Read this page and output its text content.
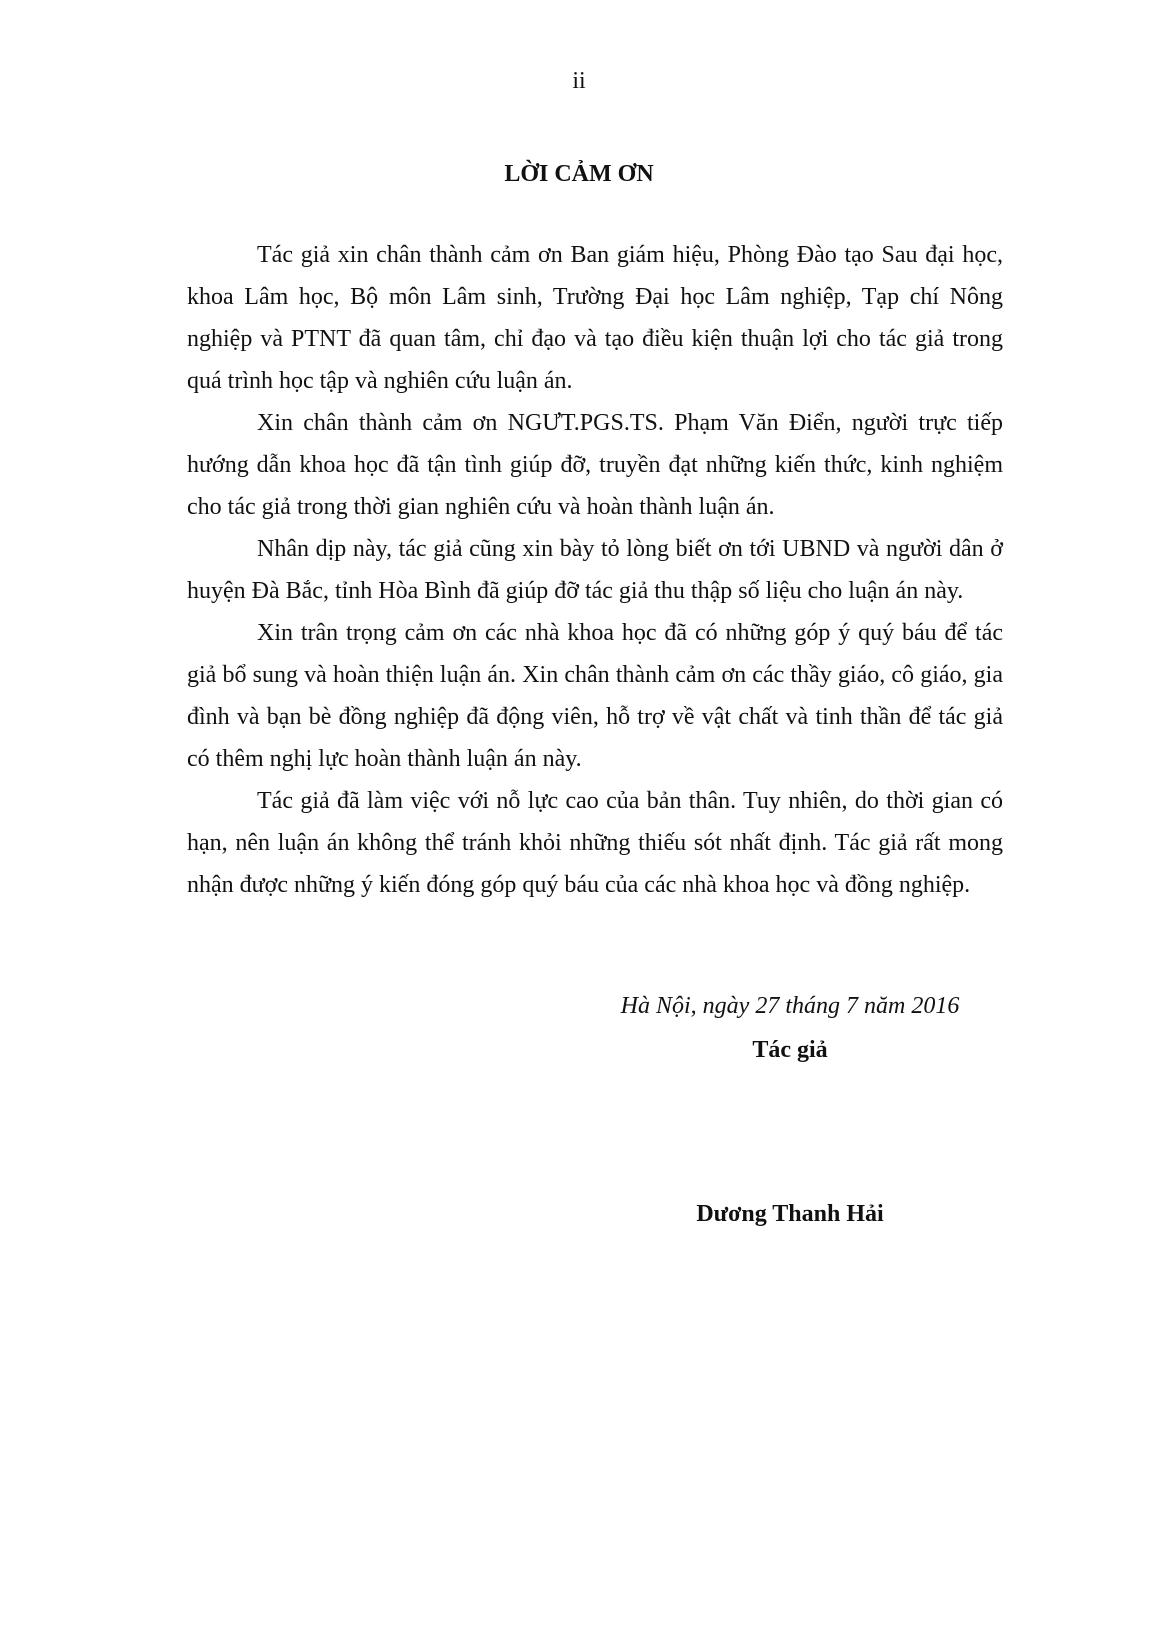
ii
LỜI CẢM ƠN

Tác giả xin chân thành cảm ơn Ban giám hiệu, Phòng Đào tạo Sau đại học, khoa Lâm học, Bộ môn Lâm sinh, Trường Đại học Lâm nghiệp, Tạp chí Nông nghiệp và PTNT đã quan tâm, chỉ đạo và tạo điều kiện thuận lợi cho tác giả trong quá trình học tập và nghiên cứu luận án.

Xin chân thành cảm ơn NGƯT.PGS.TS. Phạm Văn Điển, người trực tiếp hướng dẫn khoa học đã tận tình giúp đỡ, truyền đạt những kiến thức, kinh nghiệm cho tác giả trong thời gian nghiên cứu và hoàn thành luận án.

Nhân dịp này, tác giả cũng xin bày tỏ lòng biết ơn tới UBND và người dân ở huyện Đà Bắc, tỉnh Hòa Bình đã giúp đỡ tác giả thu thập số liệu cho luận án này.

Xin trân trọng cảm ơn các nhà khoa học đã có những góp ý quý báu để tác giả bổ sung và hoàn thiện luận án. Xin chân thành cảm ơn các thầy giáo, cô giáo, gia đình và bạn bè đồng nghiệp đã động viên, hỗ trợ về vật chất và tinh thần để tác giả có thêm nghị lực hoàn thành luận án này.

Tác giả đã làm việc với nỗ lực cao của bản thân. Tuy nhiên, do thời gian có hạn, nên luận án không thể tránh khỏi những thiếu sót nhất định. Tác giả rất mong nhận được những ý kiến đóng góp quý báu của các nhà khoa học và đồng nghiệp.

Hà Nội, ngày 27 tháng 7 năm 2016
Tác giả
Dương Thanh Hải
